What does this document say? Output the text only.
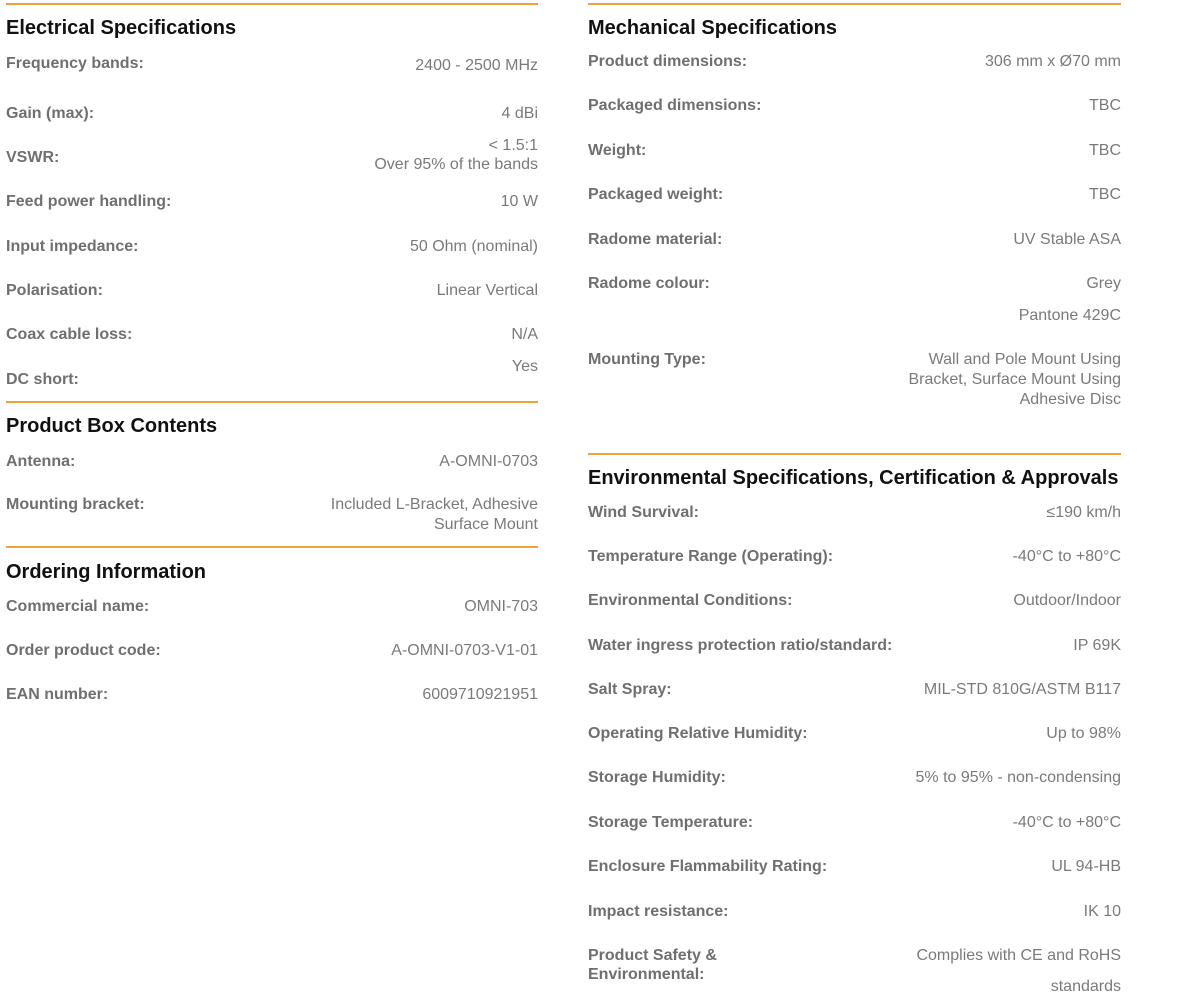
Electrical Specifications
Frequency bands:	2400 - 2500 MHz
Gain (max):	4 dBi
VSWR:
< 1.5:1
Over 95% of the bands
Feed power handling:	10 W
Input impedance:	50 Ohm (nominal)
Polarisation:	Linear Vertical
Coax cable loss:	N/A
DC short:
Yes
Product Box Contents
Antenna:	A-OMNI-0703
Mounting bracket:	Included L-Bracket, Adhesive
Surface Mount
Ordering Information
Commercial name:	OMNI-703
Order product code:	A-OMNI-0703-V1-01
EAN number:	6009710921951
Mechanical Specifications
Product dimensions:	306 mm x Ø70 mm
Packaged dimensions:	TBC
Weight:	TBC
Packaged weight:	TBC
Radome material:	UV Stable ASA
Radome colour:	Grey
Pantone 429C
Mounting Type:	Wall and Pole Mount Using
Bracket, Surface Mount Using
Adhesive Disc
Environmental Specifications, Certification & Approvals
Wind Survival:	≤190 km/h
Temperature Range (Operating):	-40°C to +80°C
Environmental Conditions:	Outdoor/Indoor
Water ingress protection ratio/standard:	IP 69K
Salt Spray:	MIL-STD 810G/ASTM B117
Operating Relative Humidity:	Up to 98%
Storage Humidity:	5% to 95% - non-condensing
Storage Temperature:	-40°C to +80°C
Enclosure Flammability Rating:	UL 94-HB
Impact resistance:	IK 10
Product Safety &
Environmental:
Complies with CE and RoHS
standards
